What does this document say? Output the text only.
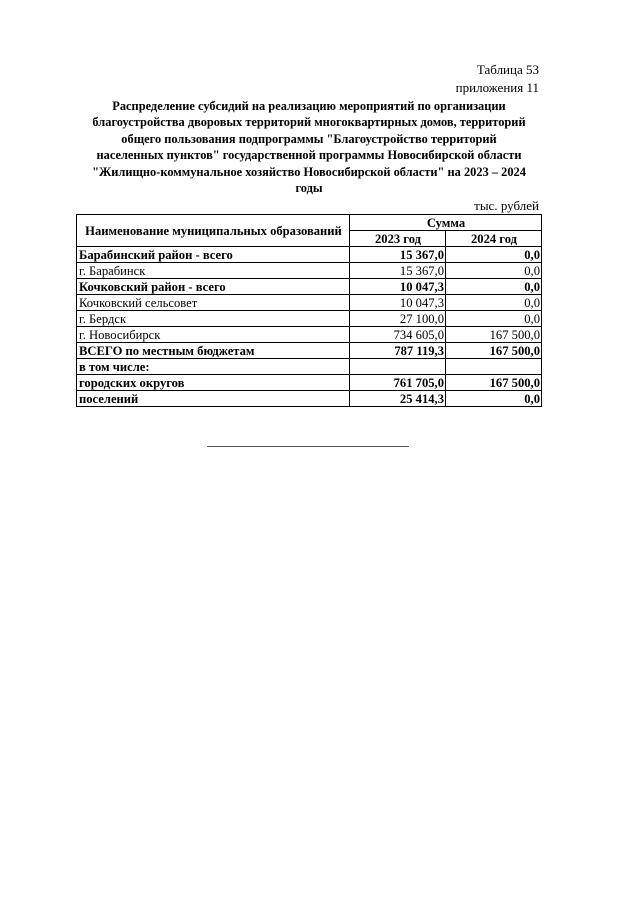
Таблица 53
приложения 11
Распределение субсидий на реализацию мероприятий по организации
благоустройства дворовых территорий многоквартирных домов, территорий
общего пользования подпрограммы "Благоустройство территорий
населенных пунктов" государственной программы Новосибирской области
"Жилищно-коммунальное хозяйство Новосибирской области" на 2023 – 2024
годы
тыс. рублей
Наименование муниципальных образований	Сумма	
	2023 год	2024 год
Барабинский район - всего	15 367,0	0,0
г. Барабинск	15 367,0	0,0
Кочковский район - всего	10 047,3	0,0
Кочковский сельсовет	10 047,3	0,0
г. Бердск	27 100,0	0,0
г. Новосибирск	734 605,0	167 500,0
ВСЕГО по местным бюджетам	787 119,3	167 500,0
в том числе:		
городских округов	761 705,0	167 500,0
поселений	25 414,3	0,0
